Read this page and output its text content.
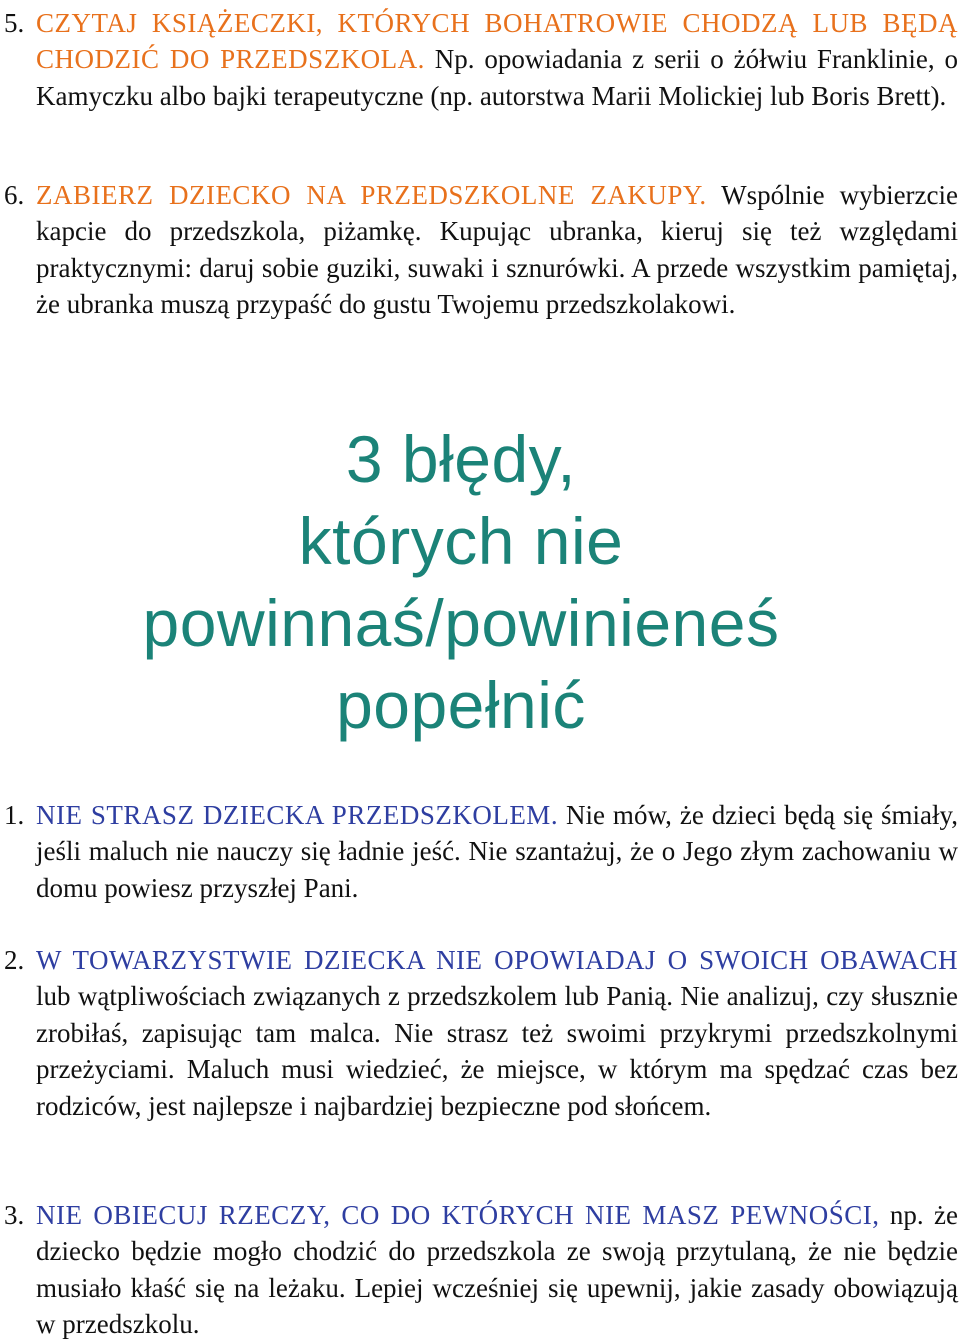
5. CZYTAJ KSIĄŻECZKI, KTÓRYCH BOHATROWIE CHODZĄ LUB BĘDĄ CHODZIĆ DO PRZEDSZKOLA. Np. opowiadania z serii o żółwiu Franklinie, o Kamyczku albo bajki terapeutyczne (np. autorstwa Marii Molickiej lub Boris Brett).
6. ZABIERZ DZIECKO NA PRZEDSZKOLNE ZAKUPY. Wspólnie wybierzcie kapcie do przedszkola, piżamkę. Kupując ubranka, kieruj się też względami praktycznymi: daruj sobie guziki, suwaki i sznurówki. A przede wszystkim pamiętaj, że ubranka muszą przypaść do gustu Twojemu przedszkolakowi.
3 błędy,
których nie
powinnaś/powinieneś
popełnić
1. NIE STRASZ DZIECKA PRZEDSZKOLEM. Nie mów, że dzieci będą się śmiały, jeśli maluch nie nauczy się ładnie jeść. Nie szantażuj, że o Jego złym zachowaniu w domu powiesz przyszłej Pani.
2. W TOWARZYSTWIE DZIECKA NIE OPOWIADAJ O SWOICH OBAWACH lub wątpliwościach związanych z przedszkolem lub Panią. Nie analizuj, czy słusznie zrobiłaś, zapisując tam malca. Nie strasz też swoimi przykrymi przedszkolnymi przeżyciami. Maluch musi wiedzieć, że miejsce, w którym ma spędzać czas bez rodziców, jest najlepsze i najbardziej bezpieczne pod słońcem.
3. NIE OBIECUJ RZECZY, CO DO KTÓRYCH NIE MASZ PEWNOŚCI, np. że dziecko będzie mogło chodzić do przedszkola ze swoją przytulaną, że nie będzie musiało kłaść się na leżaku. Lepiej wcześniej się upewnij, jakie zasady obowiązują w przedszkolu.
